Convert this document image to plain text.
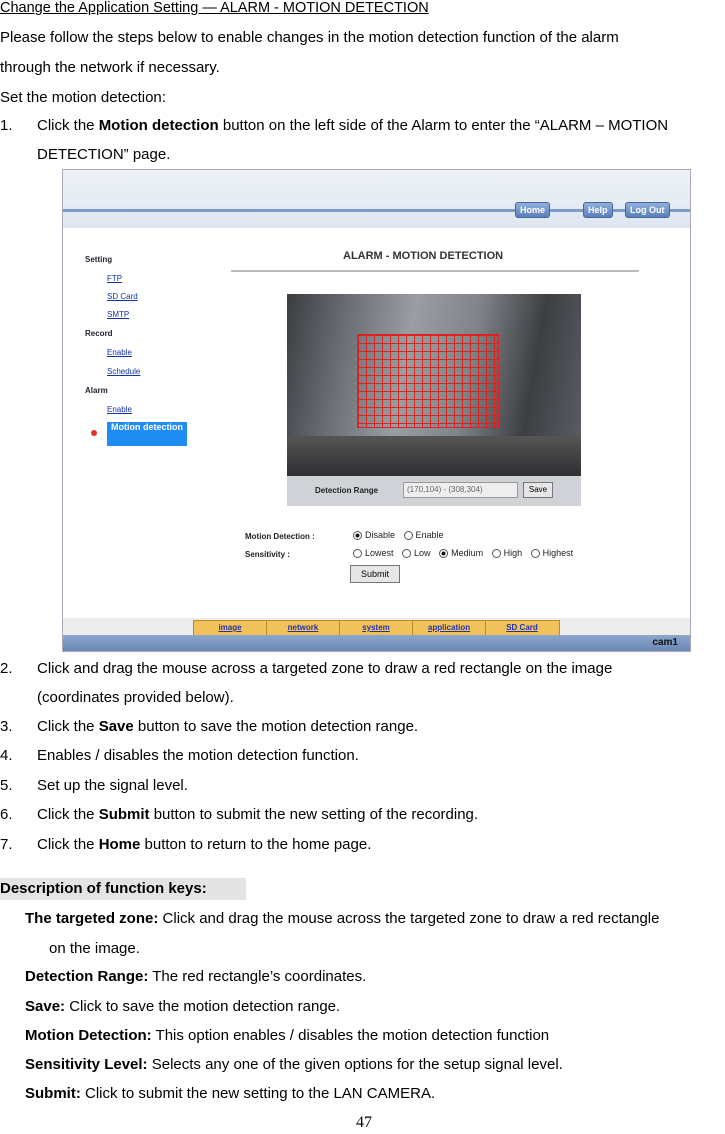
Change the Application Setting — ALARM - MOTION DETECTION
Please follow the steps below to enable changes in the motion detection function of the alarm
through the network if necessary.
Set the motion detection:
1. Click the Motion detection button on the left side of the Alarm to enter the “ALARM – MOTION
DETECTION” page.
Home	Help	Log Out
Setting
FTP
SD Card
SMTP
Record
Enable
Schedule
Alarm
Enable
Motion detection
ALARM - MOTION DETECTION
Detection Range	(170,104) - (308,304)	Save
Motion Detection :	Disable Enable
Sensitivity :	Lowest Low Medium High Highest
Submit
image	network	system	application	SD Card
cam1
2. Click and drag the mouse across a targeted zone to draw a red rectangle on the image
(coordinates provided below).
3. Click the Save button to save the motion detection range.
4. Enables / disables the motion detection function.
5. Set up the signal level.
6. Click the Submit button to submit the new setting of the recording.
7. Click the Home button to return to the home page.
Description of function keys:
The targeted zone: Click and drag the mouse across the targeted zone to draw a red rectangle
on the image.
Detection Range: The red rectangle’s coordinates.
Save: Click to save the motion detection range.
Motion Detection: This option enables / disables the motion detection function
Sensitivity Level: Selects any one of the given options for the setup signal level.
Submit: Click to submit the new setting to the LAN CAMERA.
47
